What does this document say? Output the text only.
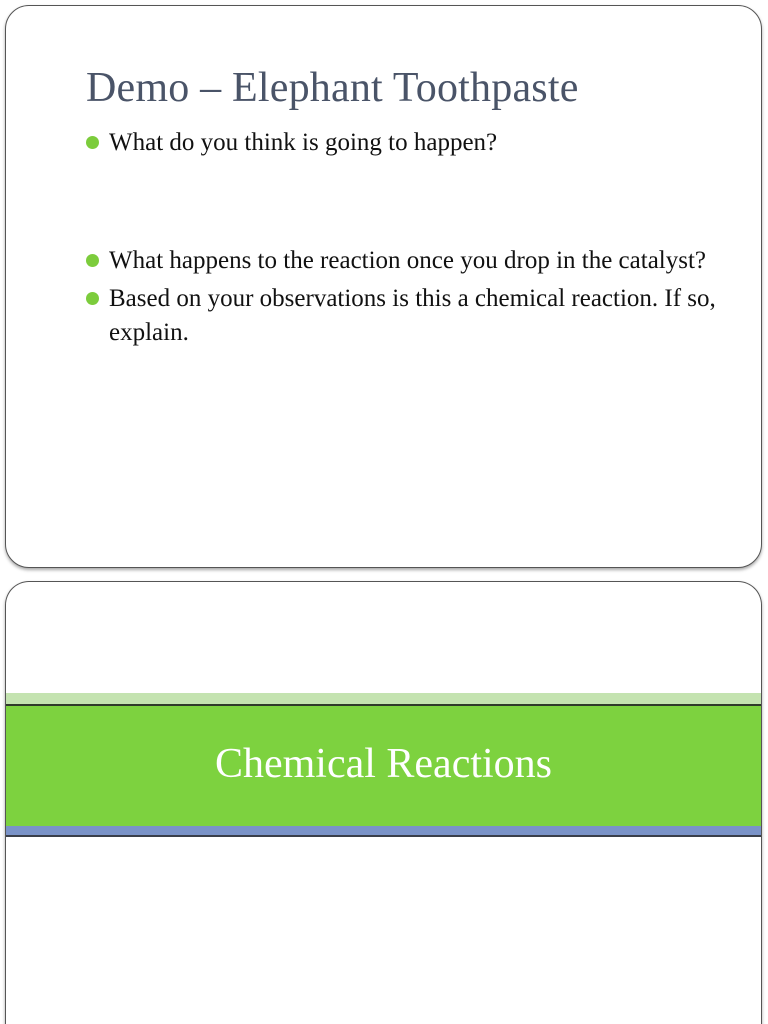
Demo – Elephant Toothpaste
What do you think is going to happen?
What happens to the reaction once you drop in the catalyst?
Based on your observations is this a chemical reaction. If so, explain.
Chemical Reactions
